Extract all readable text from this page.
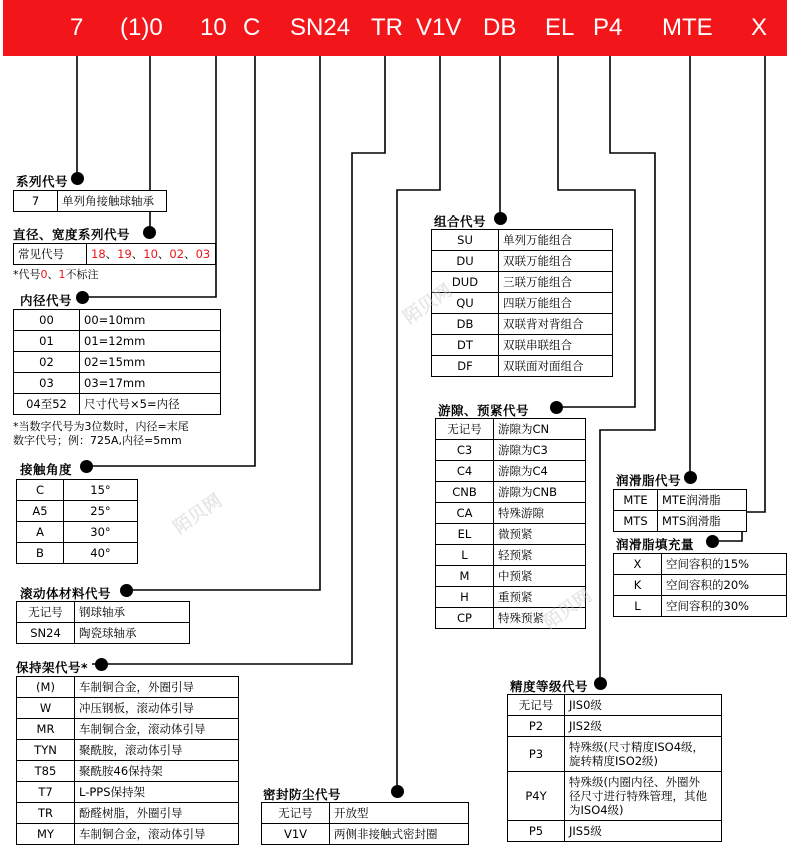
7 (1)0 10 C SN24 TR V1V DB EL P4 MTE X
系列代号
7	单列角接触球轴承
直径、宽度系列代号
常见代号	18、19、10、02、03
*代号0、1不标注
内径代号
00	00=10mm
01	01=12mm
02	02=15mm
03	03=17mm
04至52	尺寸代号×5=内径
*当数字代号为3位数时，内径=末尾
数字代号；例：725A,内径=5mm
接触角度
C	15°
A5	25°
A	30°
B	40°
滚动体材料代号
无记号	钢球轴承
SN24	陶瓷球轴承
保持架代号*
(M)	车制铜合金，外圈引导
W	冲压钢板，滚动体引导
MR	车制铜合金，滚动体引导
TYN	聚酰胺，滚动体引导
T85	聚酰胺46保持架
T7	L-PPS保持架
TR	酚醛树脂，外圈引导
MY	车制铜合金，滚动体引导
密封防尘代号
无记号	开放型
V1V	两侧非接触式密封圈
组合代号
SU	单列万能组合
DU	双联万能组合
DUD	三联万能组合
QU	四联万能组合
DB	双联背对背组合
DT	双联串联组合
DF	双联面对面组合
游隙、预紧代号
无记号	游隙为CN
C3	游隙为C3
C4	游隙为C4
CNB	游隙为CNB
CA	特殊游隙
EL	微预紧
L	轻预紧
M	中预紧
H	重预紧
CP	特殊预紧
润滑脂代号
MTE	MTE润滑脂
MTS	MTS润滑脂
润滑脂填充量
X	空间容积的15%
K	空间容积的20%
L	空间容积的30%
精度等级代号
无记号	JIS0级
P2	JIS2级
P3	特殊级(尺寸精度ISO4级，
旋转精度ISO2级)
P4Y	特殊级(内圈内径、外圈外
径尺寸进行特殊管理，其他
为ISO4级)
P5	JIS5级
陌贝网
陌贝网
陌贝网
